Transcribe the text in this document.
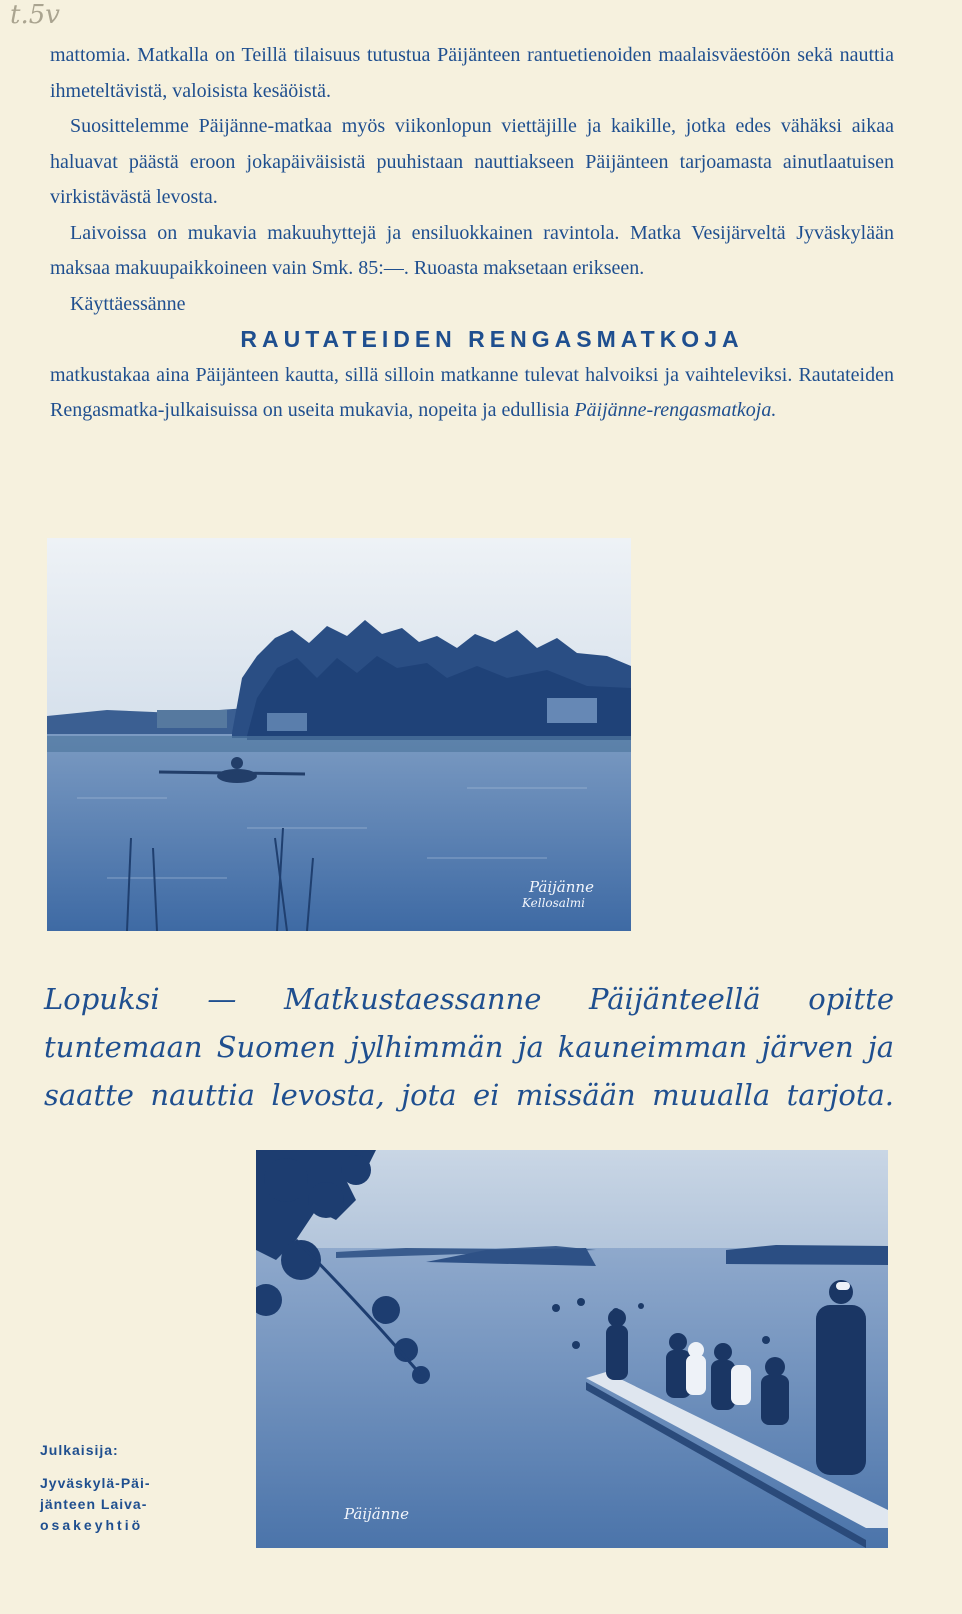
t.5v

mattomia. Matkalla on Teillä tilaisuus tutustua Päijänteen rantuetienoiden maalaisväestöön sekä nauttia ihmeteltävistä, valoisista kesäöistä.

Suosittelemme Päijänne-matkaa myös viikonlopun viettäjille ja kaikille, jotka edes vähäksi aikaa haluavat päästä eroon jokapäiväisistä puuhistaan nauttiakseen Päijänteen tarjoamasta ainutlaatuisen virkistävästä levosta.

Laivoissa on mukavia makuuhyttejä ja ensiluokkainen ravintola. Matka Vesijärveltä Jyväskylään maksaa makuupaikkoineen vain Smk. 85:—. Ruoasta maksetaan erikseen.

Käyttäessänne

RAUTATEIDEN RENGASMATKOJA

matkustakaa aina Päijänteen kautta, sillä silloin matkanne tulevat halvoiksi ja vaihteleviksi. Rautateiden Rengasmatka-julkaisuissa on useita mukavia, nopeita ja edullisia Päijänne-rengasmatkoja.

Päijänne
Kellosalmi

Lopuksi — Matkustaessanne Päijänteellä opitte

tuntemaan Suomen jylhimmän ja kauneimman järven ja

saatte nauttia levosta, jota ei missään muualla tarjota.

Päijänne
Julkaisija:
Jyväskylä-Päi-
jänteen Laiva-
osakeyhtiö
